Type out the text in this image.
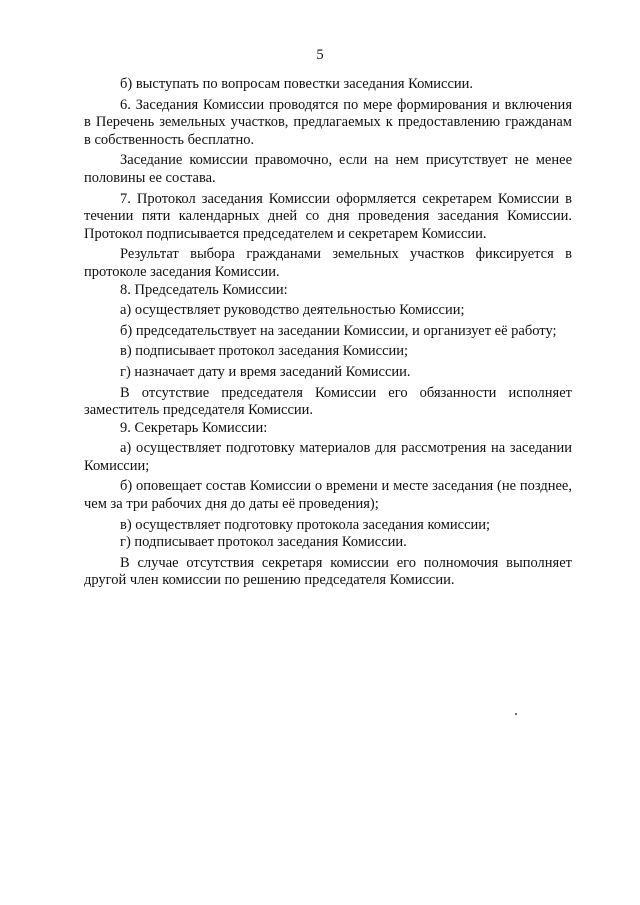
5

б) выступать по вопросам повестки заседания Комиссии.

6. Заседания Комиссии проводятся по мере формирования и включения в Перечень земельных участков, предлагаемых к предоставлению гражданам в собственность бесплатно.

Заседание комиссии правомочно, если на нем присутствует не менее половины ее состава.

7. Протокол заседания Комиссии оформляется секретарем Комиссии в течении пяти календарных дней со дня проведения заседания Комиссии. Протокол подписывается председателем и секретарем Комиссии.

Результат выбора гражданами земельных участков фиксируется в протоколе заседания Комиссии.

8. Председатель Комиссии:

а) осуществляет руководство деятельностью Комиссии;

б) председательствует на заседании Комиссии, и организует её работу;

в) подписывает протокол заседания Комиссии;

г) назначает дату и время заседаний Комиссии.

В отсутствие председателя Комиссии его обязанности исполняет заместитель председателя Комиссии.

9. Секретарь Комиссии:

а) осуществляет подготовку материалов для рассмотрения на заседании Комиссии;

б) оповещает состав Комиссии о времени и месте заседания (не позднее, чем за три рабочих дня до даты её проведения);

в) осуществляет подготовку протокола заседания комиссии;

г) подписывает протокол заседания Комиссии.

В случае отсутствия секретаря комиссии его полномочия выполняет другой член комиссии по решению председателя Комиссии.
